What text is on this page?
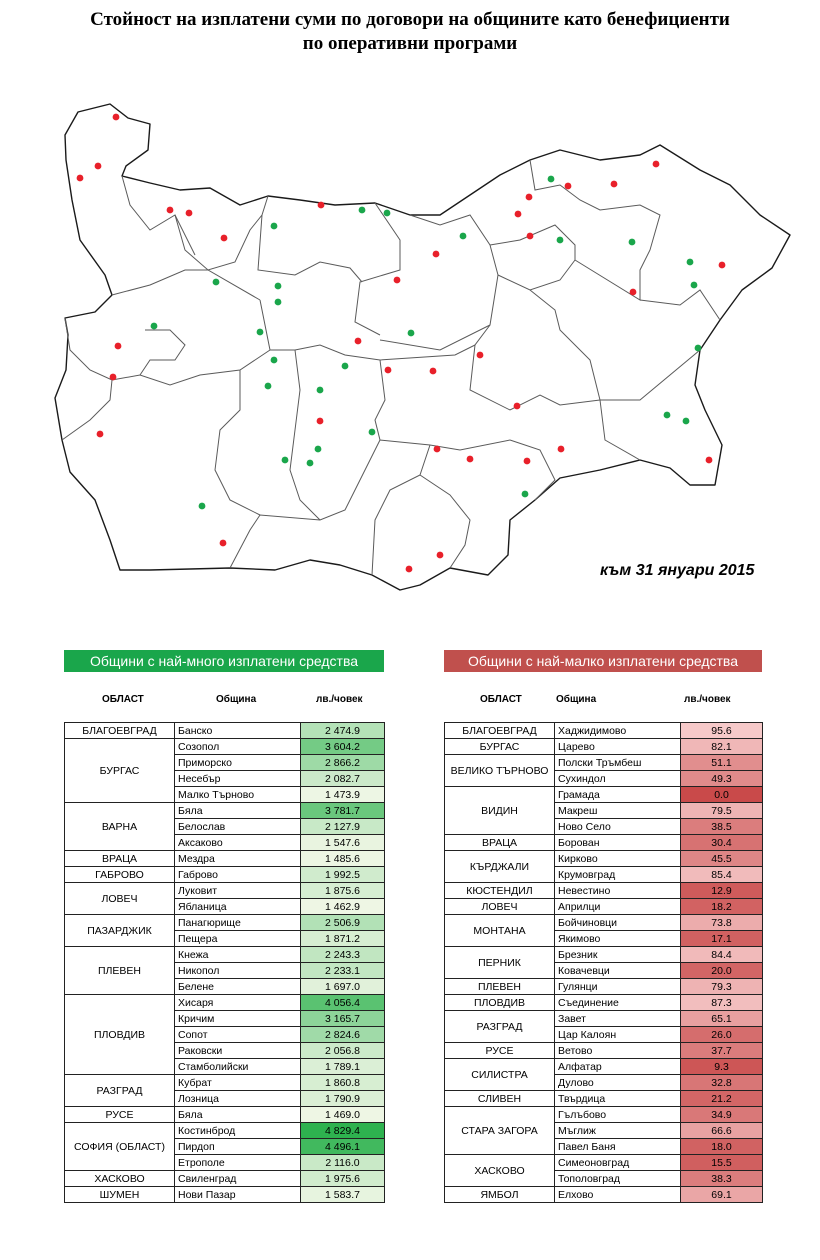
Стойност на изплатени суми по договори на общините като бенефициенти
по оперативни програми
към 31 януари 2015
Общини с най-много изплатени средства
ОБЛАСТ	Община	лв./човек
БЛАГОЕВГРАД	Банско	2 474.9
БУРГАС	Созопол	3 604.2
	Приморско	2 866.2
	Несебър	2 082.7
	Малко Търново	1 473.9
ВАРНА	Бяла	3 781.7
	Белослав	2 127.9
	Аксаково	1 547.6
ВРАЦА	Мездра	1 485.6
ГАБРОВО	Габрово	1 992.5
ЛОВЕЧ	Луковит	1 875.6
	Ябланица	1 462.9
ПАЗАРДЖИК	Панагюрище	2 506.9
	Пещера	1 871.2
ПЛЕВЕН	Кнежа	2 243.3
	Никопол	2 233.1
	Белене	1 697.0
ПЛОВДИВ	Хисаря	4 056.4
	Кричим	3 165.7
	Сопот	2 824.6
	Раковски	2 056.8
	Стамболийски	1 789.1
РАЗГРАД	Кубрат	1 860.8
	Лозница	1 790.9
РУСЕ	Бяла	1 469.0
СОФИЯ (ОБЛАСТ)	Костинброд	4 829.4
	Пирдоп	4 496.1
	Етрополе	2 116.0
ХАСКОВО	Свиленград	1 975.6
ШУМЕН	Нови Пазар	1 583.7
Общини с най-малко изплатени средства
ОБЛАСТ	Община	лв./човек
БЛАГОЕВГРАД	Хаджидимово	95.6
БУРГАС	Царево	82.1
ВЕЛИКО ТЪРНОВО	Полски Тръмбеш	51.1
	Сухиндол	49.3
ВИДИН	Грамада	0.0
	Макреш	79.5
	Ново Село	38.5
ВРАЦА	Борован	30.4
КЪРДЖАЛИ	Кирково	45.5
	Крумовград	85.4
КЮСТЕНДИЛ	Невестино	12.9
ЛОВЕЧ	Априлци	18.2
МОНТАНА	Бойчиновци	73.8
	Якимово	17.1
ПЕРНИК	Брезник	84.4
	Ковачевци	20.0
ПЛЕВЕН	Гулянци	79.3
ПЛОВДИВ	Съединение	87.3
РАЗГРАД	Завет	65.1
	Цар Калоян	26.0
РУСЕ	Ветово	37.7
СИЛИСТРА	Алфатар	9.3
	Дулово	32.8
СЛИВЕН	Твърдица	21.2
СТАРА ЗАГОРА	Гълъбово	34.9
	Мъглиж	66.6
	Павел Баня	18.0
ХАСКОВО	Симеоновград	15.5
	Тополовград	38.3
ЯМБОЛ	Елхово	69.1
